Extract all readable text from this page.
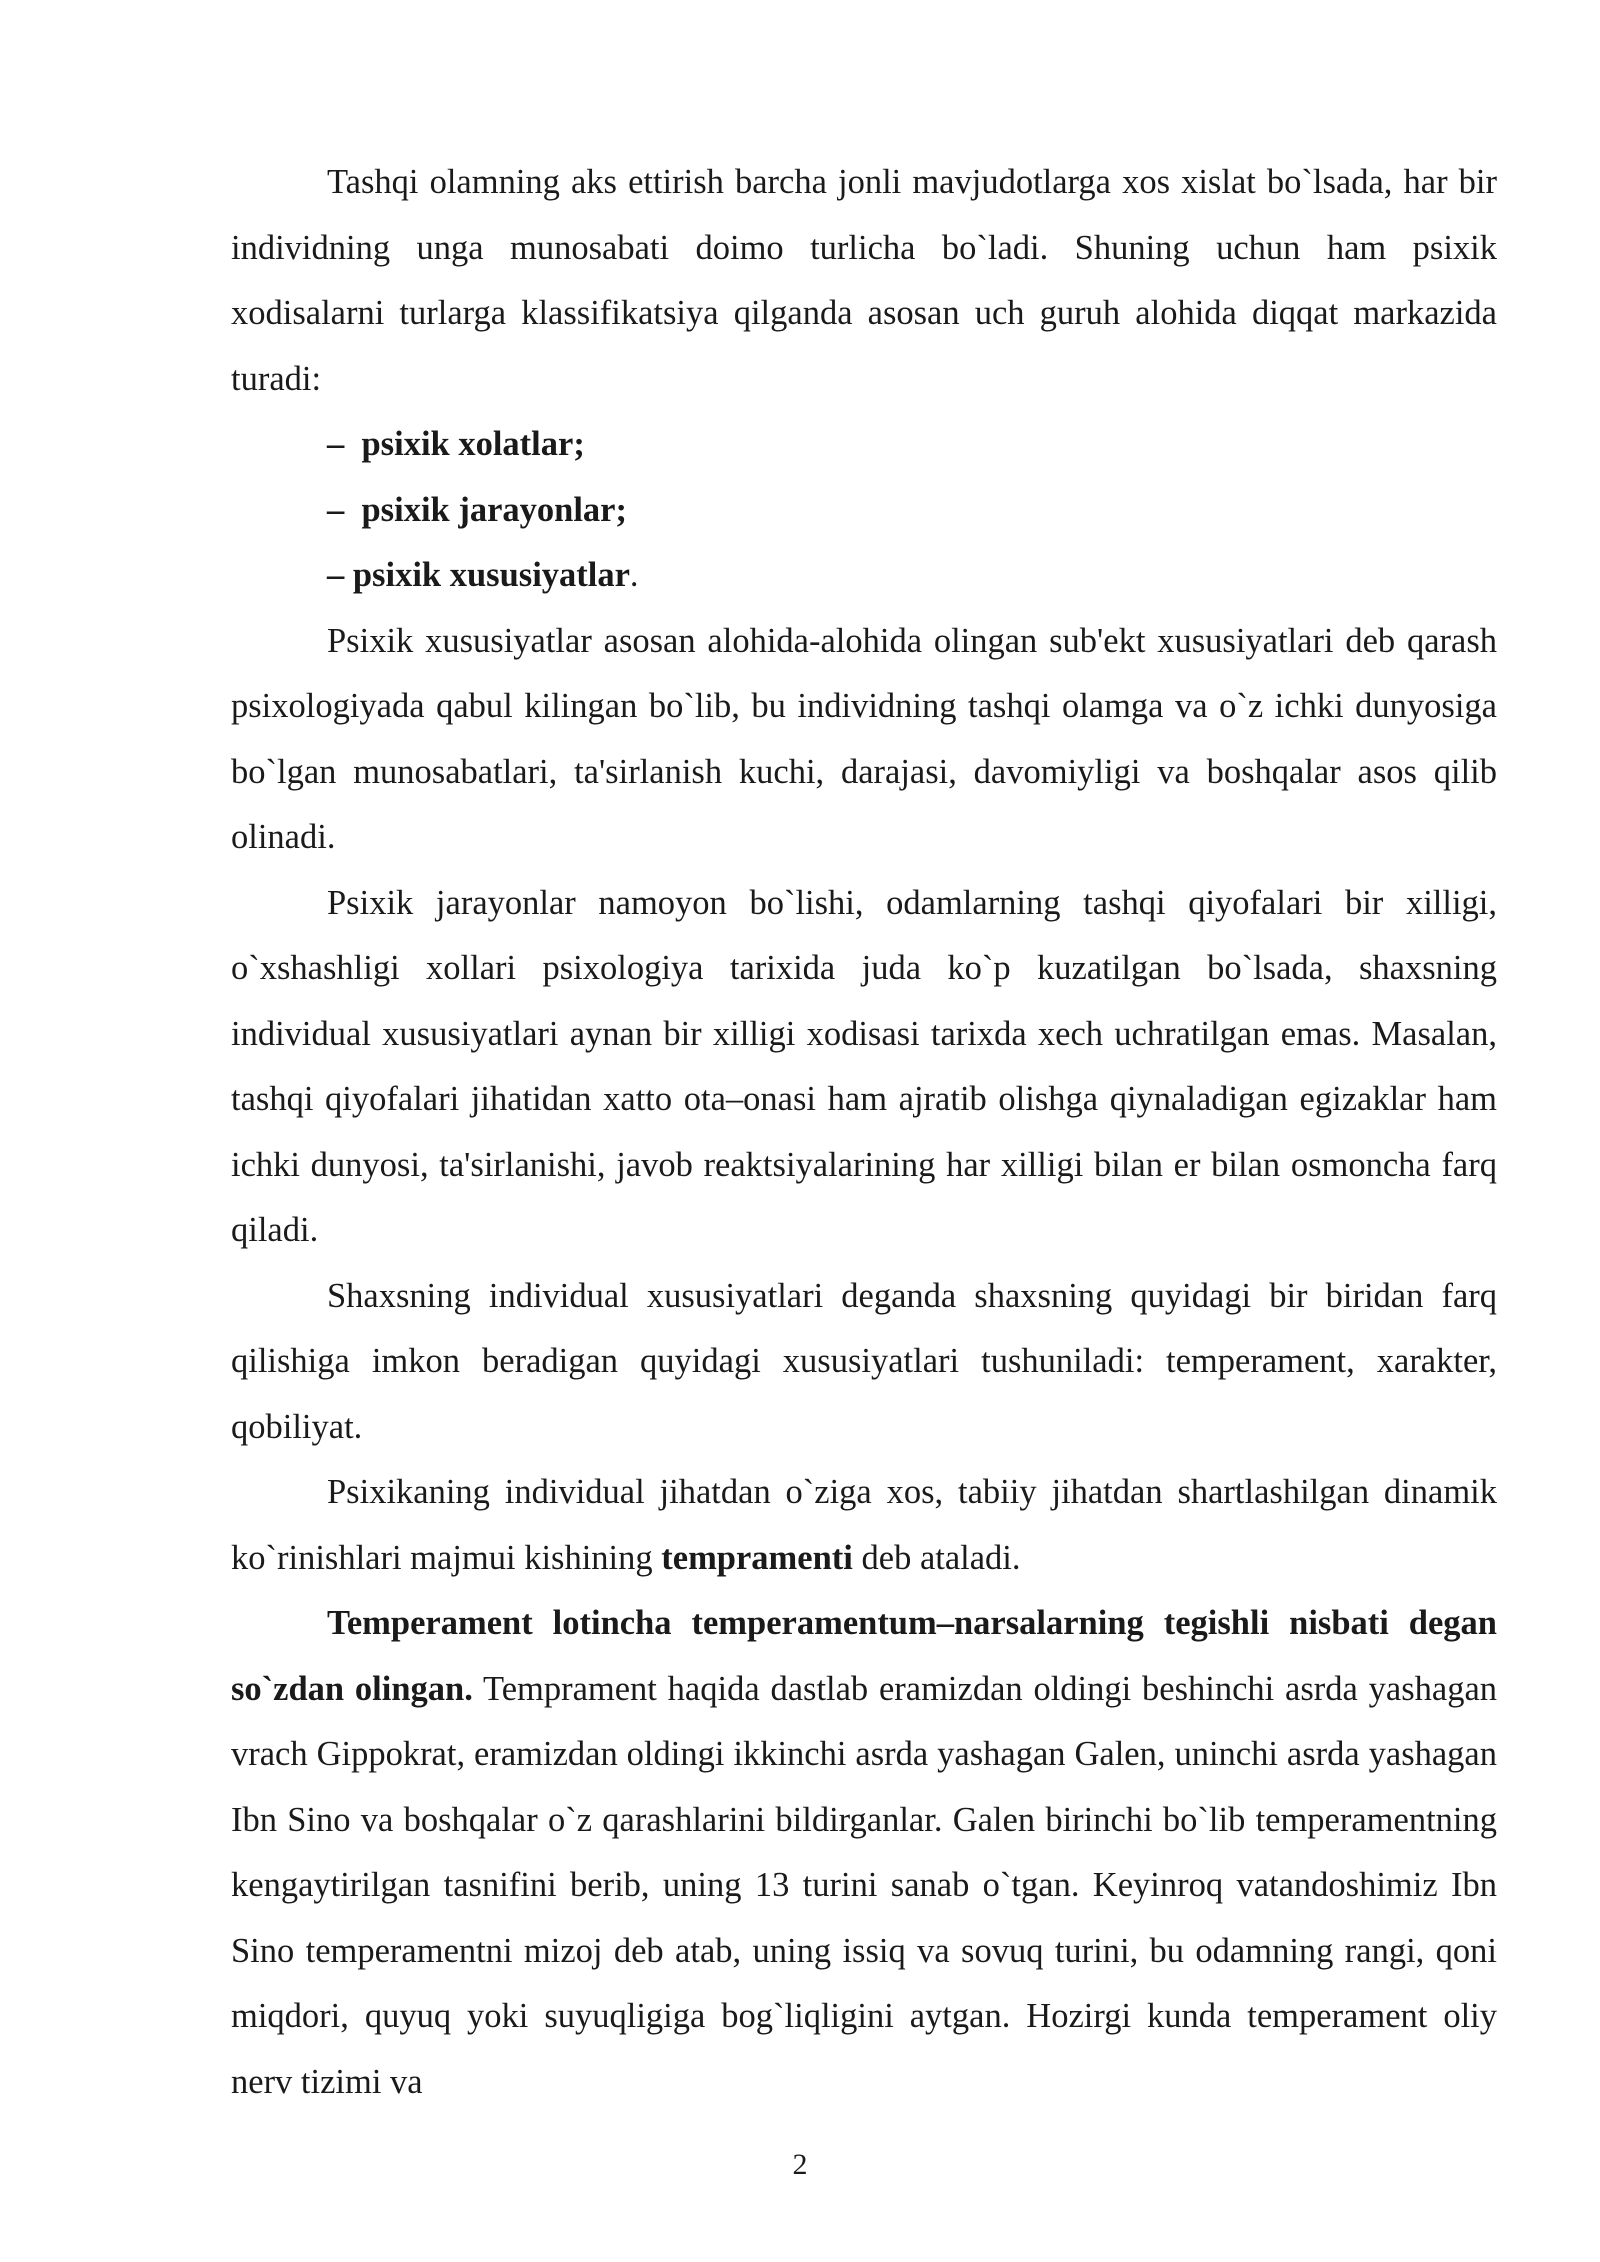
Tashqi olamning aks ettirish barcha jonli mavjudotlarga xos xislat bo`lsada, har bir individning unga munosabati doimo turlicha bo`ladi. Shuning uchun ham psixik xodisalarni turlarga klassifikatsiya qilganda asosan uch guruh alohida diqqat markazida turadi:

– psixik xolatlar;

– psixik jarayonlar;

– psixik xususiyatlar.

Psixik xususiyatlar asosan alohida-alohida olingan sub'ekt xususiyatlari deb qarash psixologiyada qabul kilingan bo`lib, bu individning tashqi olamga va o`z ichki dunyosiga bo`lgan munosabatlari, ta'sirlanish kuchi, darajasi, davomiyligi va boshqalar asos qilib olinadi.

Psixik jarayonlar namoyon bo`lishi, odamlarning tashqi qiyofalari bir xilligi, o`xshashligi xollari psixologiya tarixida juda ko`p kuzatilgan bo`lsada, shaxsning individual xususiyatlari aynan bir xilligi xodisasi tarixda xech uchratilgan emas. Masalan, tashqi qiyofalari jihatidan xatto ota–onasi ham ajratib olishga qiynaladigan egizaklar ham ichki dunyosi, ta'sirlanishi, javob reaktsiyalarining har xilligi bilan er bilan osmoncha farq qiladi.

Shaxsning individual xususiyatlari deganda shaxsning quyidagi bir biridan farq qilishiga imkon beradigan quyidagi xususiyatlari tushuniladi: temperament, xarakter, qobiliyat.

Psixikaning individual jihatdan o`ziga xos, tabiiy jihatdan shartlashilgan dinamik ko`rinishlari majmui kishining tempramenti deb ataladi.

Temperament lotincha temperamentum–narsalarning tegishli nisbati degan so`zdan olingan. Temprament haqida dastlab eramizdan oldingi beshinchi asrda yashagan vrach Gippokrat, eramizdan oldingi ikkinchi asrda yashagan Galen, uninchi asrda yashagan Ibn Sino va boshqalar o`z qarashlarini bildirganlar. Galen birinchi bo`lib temperamentning kengaytirilgan tasnifini berib, uning 13 turini sanab o`tgan. Keyinroq vatandoshimiz Ibn Sino temperamentni mizoj deb atab, uning issiq va sovuq turini, bu odamning rangi, qoni miqdori, quyuq yoki suyuqligiga bog`liqligini aytgan. Hozirgi kunda temperament oliy nerv tizimi va

2
